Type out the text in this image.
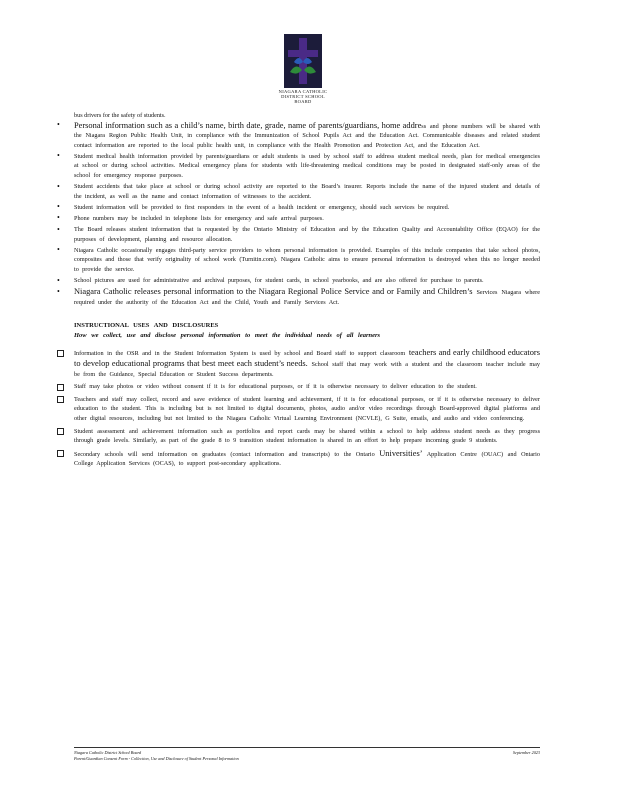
NIAGARA CATHOLIC
DISTRICT SCHOOL BOARD
bus drivers for the safety of students.
• Personal information such as a child’s name, birth date, grade, name of parents/guardians, home address and phone numbers will be shared with the Niagara Region Public Health Unit, in compliance with the Immunization of School Pupils Act and the Education Act. Communicable diseases and related student contact information are reported to the local public health unit, in compliance with the Health Promotion and Protection Act, and the Education Act.
• Student medical health information provided by parents/guardians or adult students is used by school staff to address student medical needs, plan for medical emergencies at school or during school activities. Medical emergency plans for students with life-threatening medical conditions may be posted in designated staff-only areas of the school for emergency response purposes.
• Student accidents that take place at school or during school activity are reported to the Board’s insurer. Reports include the name of the injured student and details of the incident, as well as the name and contact information of witnesses to the accident.
• Student information will be provided to first responders in the event of a health incident or emergency, should such services be required.
• Phone numbers may be included in telephone lists for emergency and safe arrival purposes.
• The Board releases student information that is requested by the Ontario Ministry of Education and by the Education Quality and Accountability Office (EQAO) for the purposes of development, planning and resource allocation.
• Niagara Catholic occasionally engages third-party service providers to whom personal information is provided. Examples of this include companies that take school photos, composites and those that verify originality of school work (Turnitin.com). Niagara Catholic aims to ensure personal information is destroyed when this no longer needed to provide the service.
• School pictures are used for administrative and archival purposes, for student cards, in school yearbooks, and are also offered for purchase to parents.
• Niagara Catholic releases personal information to the Niagara Regional Police Service and or Family and Children’s Services Niagara where required under the authority of the Education Act and the Child, Youth and Family Services Act.
INSTRUCTIONAL USES AND DISCLOSURES
How we collect, use and disclose personal information to meet the individual needs of all learners
Information in the OSR and in the Student Information System is used by school and Board staff to support classroom teachers and early childhood educators to develop educational programs that best meet each student’s needs. School staff that may work with a student and the classroom teacher include may be from the Guidance, Special Education or Student Success departments.
Staff may take photos or video without consent if it is for educational purposes, or if it is otherwise necessary to deliver education to the student.
Teachers and staff may collect, record and save evidence of student learning and achievement, if it is for educational purposes, or if it is otherwise necessary to deliver education to the student. This is including but is not limited to digital documents, photos, audio and/or video recordings through Board-approved digital platforms and other digital resources, including but not limited to the Niagara Catholic Virtual Learning Environment (NCVLE), G Suite, emails, and audio and video conferencing.
Student assessment and achievement information such as portfolios and report cards may be shared within a school to help address student needs as they progress through grade levels. Similarly, as part of the grade 8 to 9 transition student information is shared in an effort to help prepare incoming grade 9 students.
Secondary schools will send information on graduates (contact information and transcripts) to the Ontario Universities’ Application Centre (OUAC) and Ontario College Application Services (OCAS), to support post-secondary applications.
Niagara Catholic District School Board	September 2023
Parent/Guardian Consent Form - Collection, Use and Disclosure of Student Personal Information
